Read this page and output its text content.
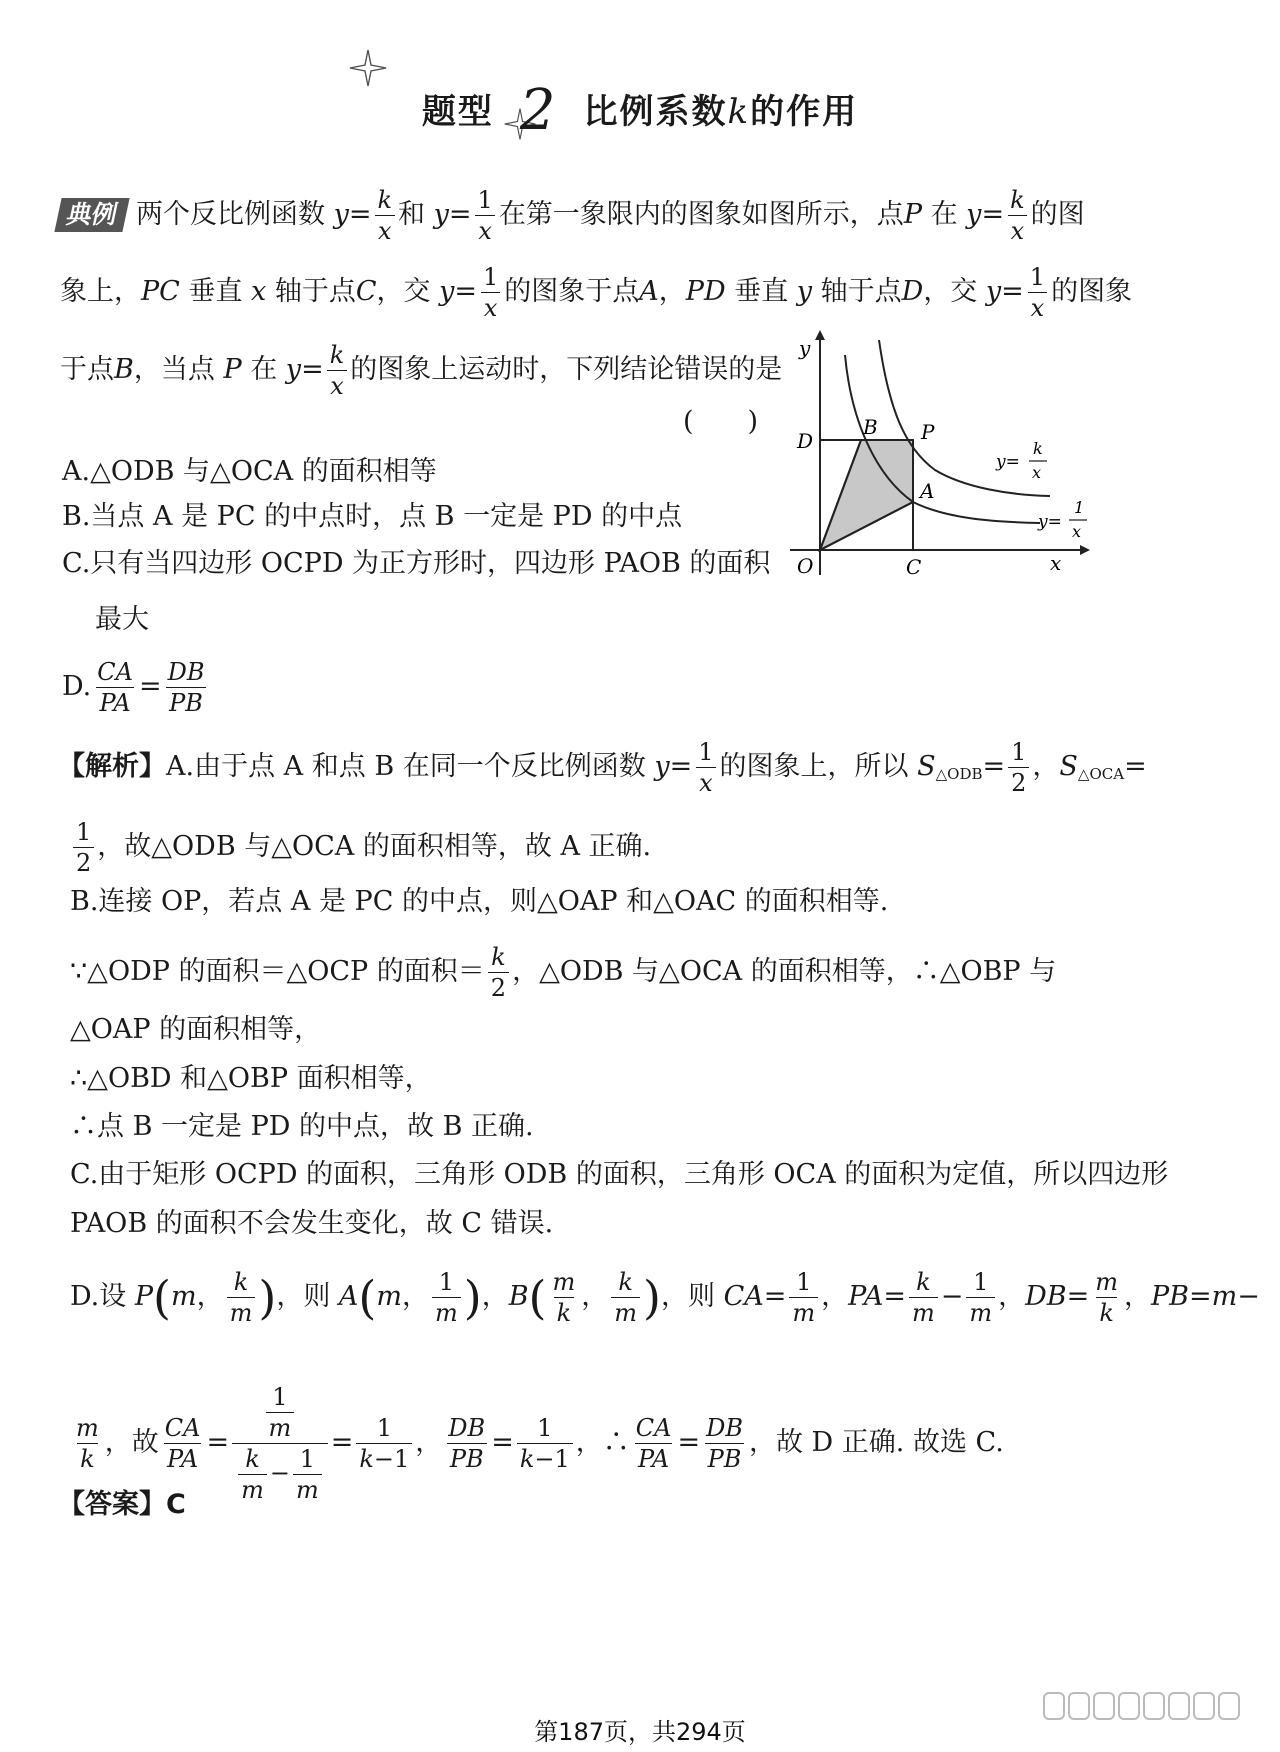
题型 2 比例系数k的作用
典例 两个反比例函数 $y= \frac{k}{x}$ 和 $y= \frac{1}{x}$ 在第一象限内的图象如图所示，点P 在 $y= \frac{k}{x}$ 的图
象上，PC 垂直 x 轴于点C，交 $y= \frac{1}{x}$ 的图象于点A，PD 垂直 y 轴于点D，交 $y= \frac{1}{x}$ 的图象
于点B，当点 P 在 $y= \frac{k}{x}$ 的图象上运动时，下列结论错误的是
(　　)
A.△ODB 与△OCA 的面积相等
B.当点 A 是 PC 的中点时，点 B 一定是 PD 的中点
C.只有当四边形 OCPD 为正方形时，四边形 PAOB 的面积
最大
D. $\frac{CA}{PA} = \frac{DB}{PB}$
y
x
O	C
D
B P
A
y=
k
x
y=
1
x
【解析】A.由于点 A 和点 B 在同一个反比例函数 $y= \frac{1}{x}$ 的图象上，所以 $S_{\triangle ODB}= \frac{1}{2}$ ，$S_{\triangle OCA}=$
$\frac{1}{2}$ ，故△ODB 与△OCA 的面积相等，故 A 正确.
B.连接 OP，若点 A 是 PC 的中点，则△OAP 和△OAC 的面积相等.
∵△ODP 的面积＝△OCP 的面积＝ $\frac{k}{2}$ ，△ODB 与△OCA 的面积相等，∴△OBP 与
△OAP 的面积相等，
∴△OBD 和△OBP 面积相等，
∴点 B 一定是 PD 的中点，故 B 正确.
C.由于矩形 OCPD 的面积，三角形 ODB 的面积，三角形 OCA 的面积为定值，所以四边形
PAOB 的面积不会发生变化，故 C 错误.
D.设 P(m， $\frac{k}{m}$ )，则 A(m， $\frac{1}{m}$ )，$B( \frac{m}{k}$ ， $\frac{k}{m}$ )，则 $CA= \frac{1}{m}$ ，$PA= \frac{k}{m} - \frac{1}{m}$ ，$DB= \frac{m}{k}$ ，PB=m−
$\frac{m}{k}$ ，故 $\frac{CA}{PA} = \frac{\frac{1}{m}}{\frac{k}{m} - \frac{1}{m}} = \frac{1}{k-1}$ ， $\frac{DB}{PB} = \frac{1}{k-1}$ ，∴ $\frac{CA}{PA} = \frac{DB}{PB}$ ，故 D 正确. 故选 C.
【答案】C
第187页，共294页
